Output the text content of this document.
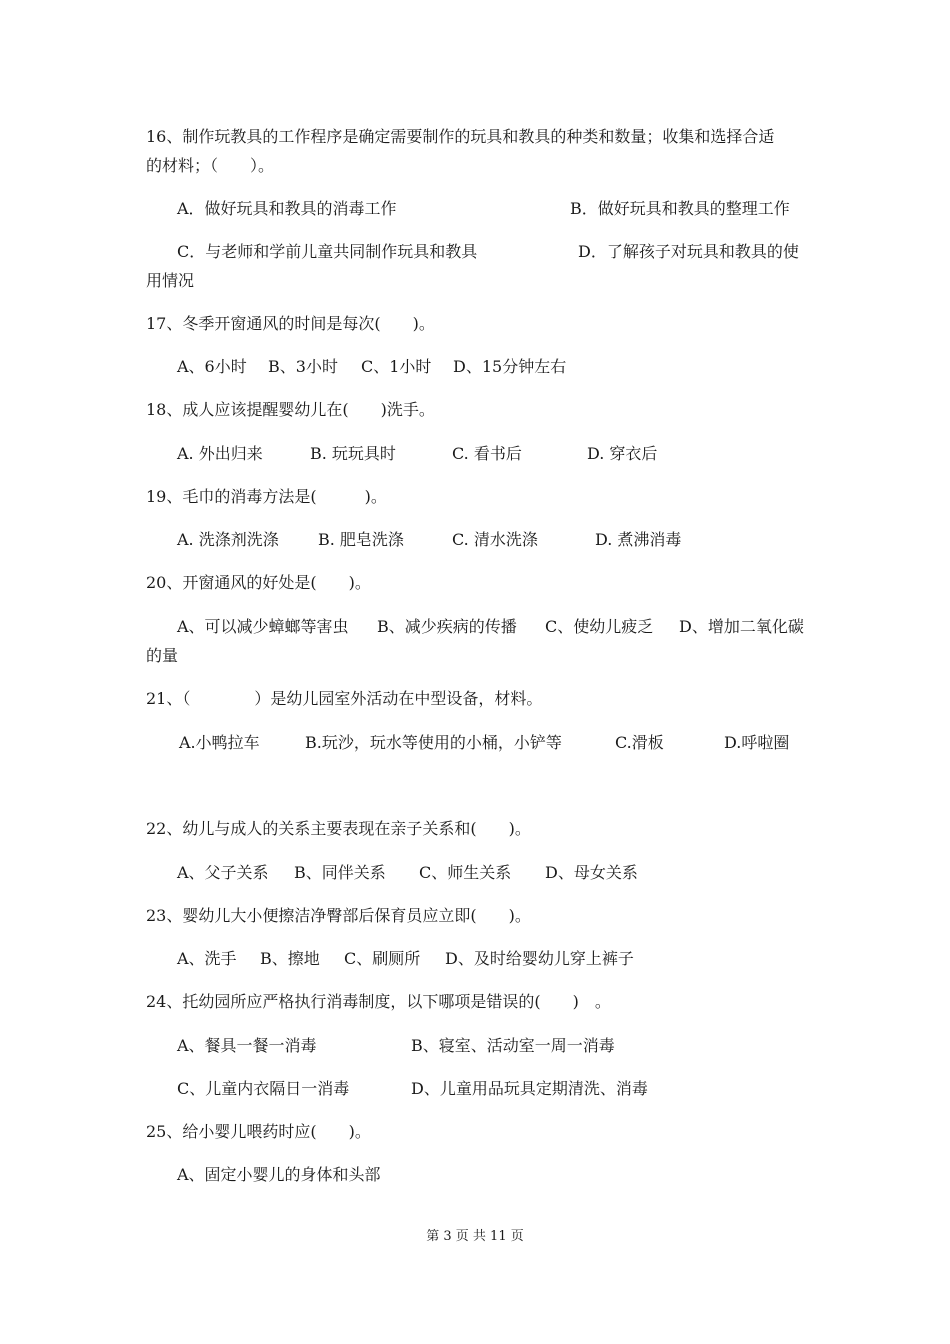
16、制作玩教具的工作程序是确定需要制作的玩具和教具的种类和数量；收集和选择合适
的材料；（　　）。
A．做好玩具和教具的消毒工作	B．做好玩具和教具的整理工作
C．与老师和学前儿童共同制作玩具和教具	D．了解孩子对玩具和教具的使
用情况
17、冬季开窗通风的时间是每次(　　)。
A、6小时 B、3小时 C、1小时 D、15分钟左右
18、成人应该提醒婴幼儿在(　　)洗手。
A. 外出归来	B. 玩玩具时	C. 看书后	D. 穿衣后
19、毛巾的消毒方法是(　　　)。
A. 洗涤剂洗涤 B. 肥皂洗涤	C. 清水洗涤	D. 煮沸消毒
20、开窗通风的好处是(　　)。
A、可以减少蟑螂等害虫 B、减少疾病的传播 C、使幼儿疲乏 D、增加二氧化碳
的量
21、（　　　　）是幼儿园室外活动在中型设备，材料。
A.小鸭拉车	B.玩沙，玩水等使用的小桶，小铲等	C.滑板	D.呼啦圈
22、幼儿与成人的关系主要表现在亲子关系和(　　)。
A、父子关系 B、同伴关系 C、师生关系 D、母女关系
23、婴幼儿大小便擦洁净臀部后保育员应立即(　　)。
A、洗手 B、擦地 C、刷厕所 D、及时给婴幼儿穿上裤子
24、托幼园所应严格执行消毒制度，以下哪项是错误的(　　)　。
A、餐具一餐一消毒	B、寝室、活动室一周一消毒
C、儿童内衣隔日一消毒	D、儿童用品玩具定期清洗、消毒
25、给小婴儿喂药时应(　　)。
A、固定小婴儿的身体和头部
第 3 页 共 11 页
